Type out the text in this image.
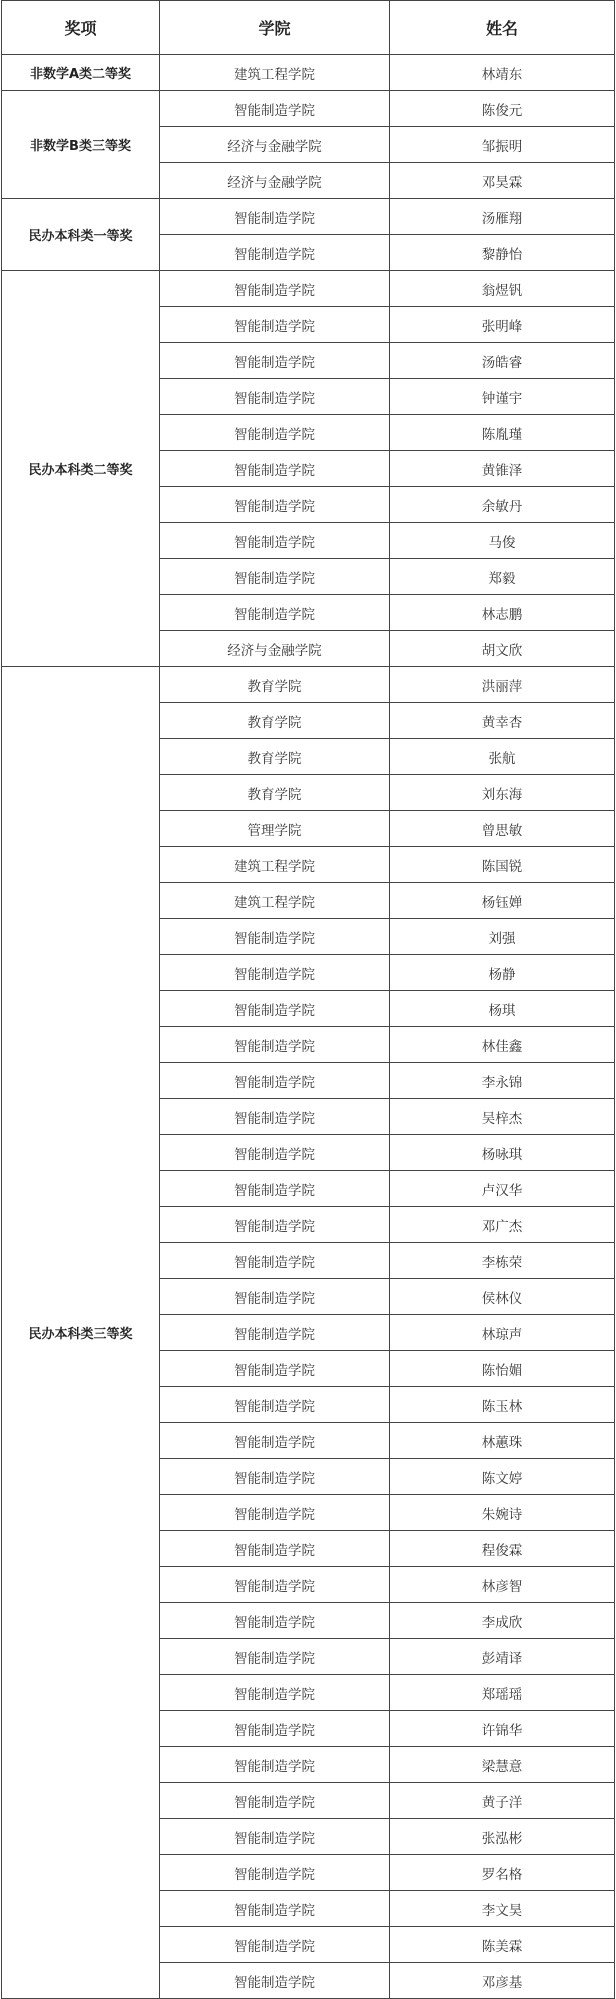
奖项	学院	姓名
非数学A类二等奖	建筑工程学院	林靖东
非数学B类三等奖	智能制造学院	陈俊元
	经济与金融学院	邹振明
	经济与金融学院	邓昊霖
民办本科类一等奖	智能制造学院	汤雁翔
	智能制造学院	黎静怡
民办本科类二等奖	智能制造学院	翁煜钒
	智能制造学院	张明峰
	智能制造学院	汤皓睿
	智能制造学院	钟谨宇
	智能制造学院	陈胤瑾
	智能制造学院	黄锥泽
	智能制造学院	余敏丹
	智能制造学院	马俊
	智能制造学院	郑毅
	智能制造学院	林志鹏
	经济与金融学院	胡文欣
民办本科类三等奖	教育学院	洪丽萍
	教育学院	黄幸杏
	教育学院	张航
	教育学院	刘东海
	管理学院	曾思敏
	建筑工程学院	陈国锐
	建筑工程学院	杨钰婵
	智能制造学院	刘强
	智能制造学院	杨静
	智能制造学院	杨琪
	智能制造学院	林佳鑫
	智能制造学院	李永锦
	智能制造学院	吴梓杰
	智能制造学院	杨咏琪
	智能制造学院	卢汉华
	智能制造学院	邓广杰
	智能制造学院	李栋荣
	智能制造学院	侯林仪
	智能制造学院	林琼声
	智能制造学院	陈怡媚
	智能制造学院	陈玉林
	智能制造学院	林蕙珠
	智能制造学院	陈文婷
	智能制造学院	朱婉诗
	智能制造学院	程俊霖
	智能制造学院	林彦智
	智能制造学院	李成欣
	智能制造学院	彭靖译
	智能制造学院	郑瑶瑶
	智能制造学院	许锦华
	智能制造学院	梁慧意
	智能制造学院	黄子洋
	智能制造学院	张泓彬
	智能制造学院	罗名格
	智能制造学院	李文昊
	智能制造学院	陈美霖
	智能制造学院	邓彦基
